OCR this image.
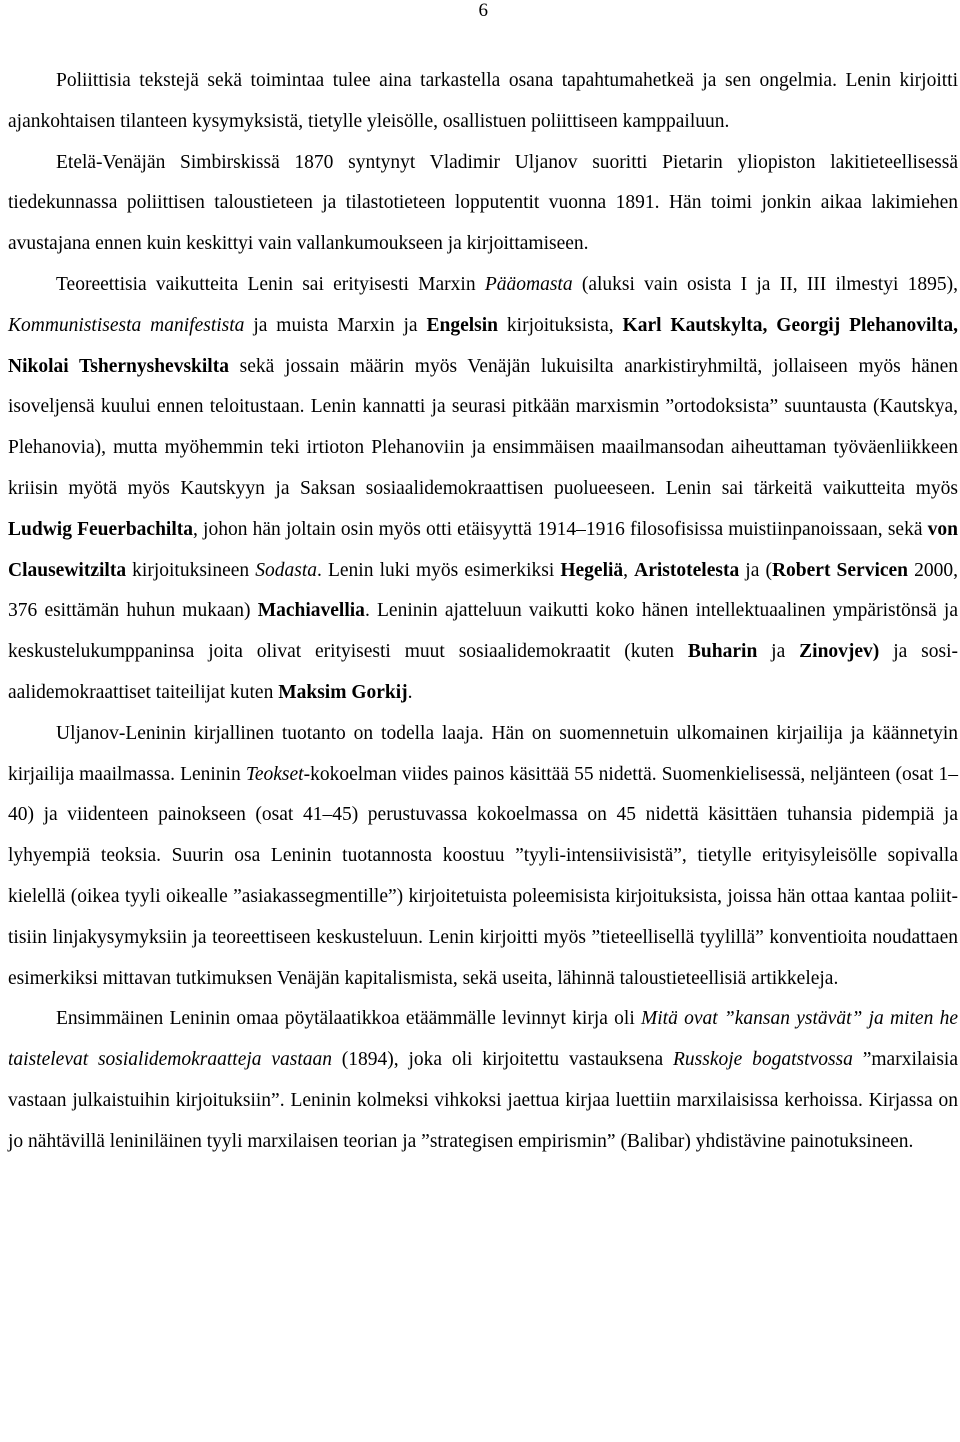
6

Poliittisia tekstejä sekä toimintaa tulee aina tarkastella osana tapahtumahetkeä ja sen ongelmia. Lenin kirjoitti ajankohtaisen tilanteen kysymyksistä, tietylle yleisölle, osallistuen poliittiseen kamppailuun.

Etelä-Venäjän Simbirskissä 1870 syntynyt Vladimir Uljanov suoritti Pietarin yliopiston lakitieteellisessä tiedekunnassa poliittisen taloustieteen ja tilastotieteen lopputentit vuonna 1891. Hän toimi jonkin aikaa lakimiehen avustajana ennen kuin keskittyi vain vallankumoukseen ja kirjoittamiseen.

Teoreettisia vaikutteita Lenin sai erityisesti Marxin Pääomasta (aluksi vain osista I ja II, III ilmestyi 1895), Kommunistisesta manifestista ja muista Marxin ja Engelsin kirjoituksista, Karl Kautskylta, Georgij Plehanovilta, Nikolai Tshernyshevskilta sekä jossain määrin myös Venäjän lukuisilta anarkistiryhmiltä, jollaiseen myös hänen isoveljensä kuului ennen teloitustaan. Lenin kannatti ja seurasi pitkään marxismin ”ortodoksista” suuntausta (Kautskya, Plehanovia), mutta myöhemmin teki irtioton Plehanoviin ja ensimmäisen maailmansodan aiheuttaman työväenliikkeen kriisin myötä myös Kautskyyn ja Saksan sosiaalidemokraattisen puolueeseen. Lenin sai tärkeitä vaikutteita myös Ludwig Feuerbachilta, johon hän joltain osin myös otti etäisyyttä 1914–1916 filosofisissa muistiinpanoissaan, sekä von Clausewitzilta kirjoituksineen Sodasta. Lenin luki myös esimerkiksi Hegeliä, Aristotelesta ja (Robert Servicen 2000, 376 esittämän huhun mukaan) Machiavellia. Leninin ajatteluun vaikutti koko hänen intellektuaalinen ympäristönsä ja keskustelukumppaninsa joita olivat erityisesti muut sosiaalidemokraatit (kuten Buharin ja Zinovjev) ja sosiaalidemokraattiset taiteilijat kuten Maksim Gorkij.

Uljanov-Leninin kirjallinen tuotanto on todella laaja. Hän on suomennetuin ulkomainen kirjailija ja käännetyin kirjailija maailmassa. Leninin Teokset-kokoelman viides painos käsittää 55 nidettä. Suomenkielisessä, neljänteen (osat 1–40) ja viidenteen painokseen (osat 41–45) perustuvassa kokoelmassa on 45 nidettä käsittäen tuhansia pidempiä ja lyhyempiä teoksia. Suurin osa Leninin tuotannosta koostuu ”tyyli-intensiivisistä”, tietylle erityisyleisölle sopivalla kielellä (oikea tyyli oikealle ”asiakassegmentille”) kirjoitetuista poleemisista kirjoituksista, joissa hän ottaa kantaa poliittisiin linjakysymyksiin ja teoreettiseen keskusteluun. Lenin kirjoitti myös ”tieteellisellä tyylillä” konventioita noudattaen esimerkiksi mittavan tutkimuksen Venäjän kapitalismista, sekä useita, lähinnä taloustieteellisiä artikkeleja.

Ensimmäinen Leninin omaa pöytälaatikkoa etäämmälle levinnyt kirja oli Mitä ovat ”kansan ystävät” ja miten he taistelevat sosialidemokraatteja vastaan (1894), joka oli kirjoitettu vastauksena Russkoje bogatstvossa ”marxilaisia vastaan julkaistuihin kirjoituksiin”. Leninin kolmeksi vihkoksi jaettua kirjaa luettiin marxilaisissa kerhoissa. Kirjassa on jo nähtävillä leniniläinen tyyli marxilaisen teorian ja ”strategisen empirismin” (Balibar) yhdistävine painotuksineen.
